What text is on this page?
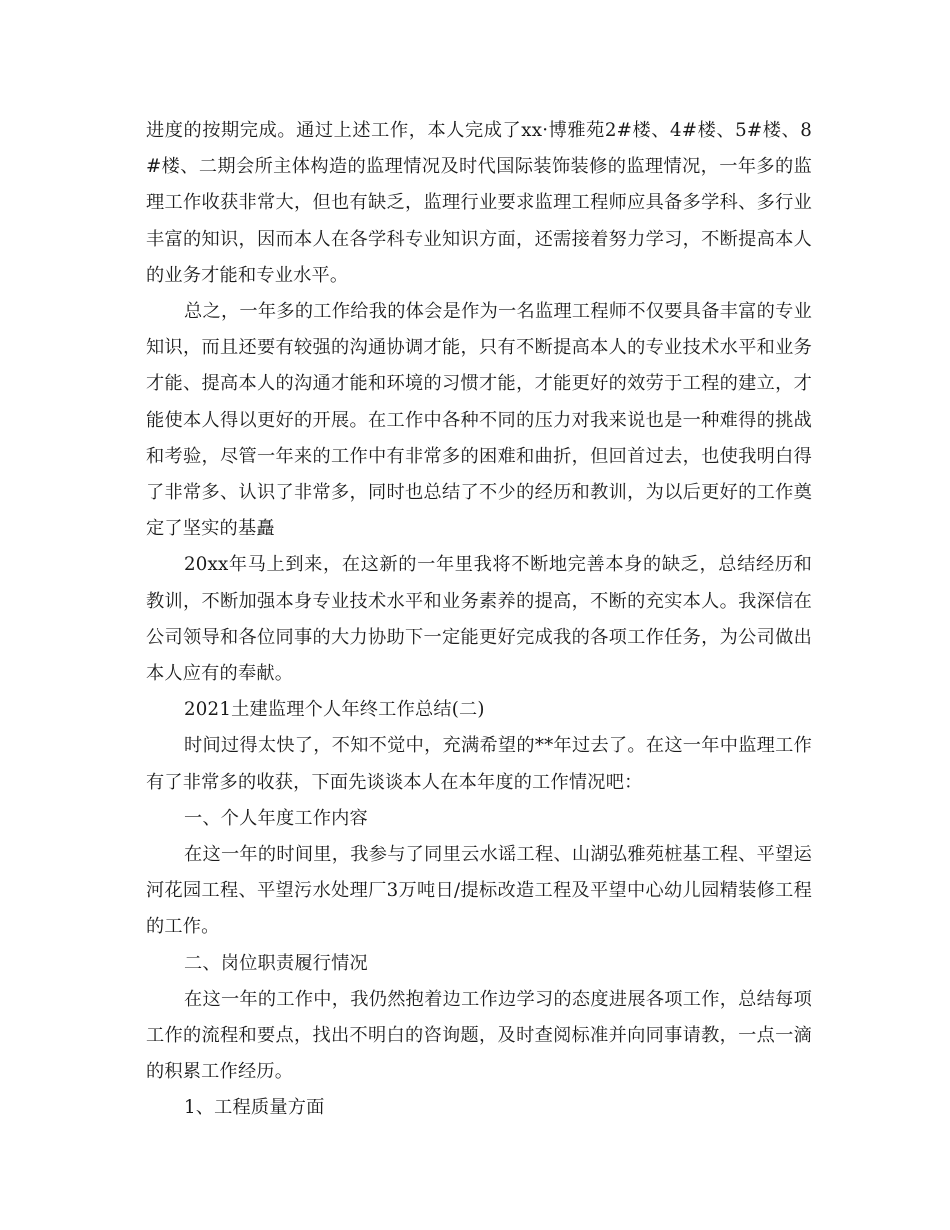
进度的按期完成。通过上述工作，本人完成了xx·博雅苑2#楼、4#楼、5#楼、8#楼、二期会所主体构造的监理情况及时代国际装饰装修的监理情况，一年多的监理工作收获非常大，但也有缺乏，监理行业要求监理工程师应具备多学科、多行业丰富的知识，因而本人在各学科专业知识方面，还需接着努力学习，不断提高本人的业务才能和专业水平。

总之，一年多的工作给我的体会是作为一名监理工程师不仅要具备丰富的专业知识，而且还要有较强的沟通协调才能，只有不断提高本人的专业技术水平和业务才能、提高本人的沟通才能和环境的习惯才能，才能更好的效劳于工程的建立，才能使本人得以更好的开展。在工作中各种不同的压力对我来说也是一种难得的挑战和考验，尽管一年来的工作中有非常多的困难和曲折，但回首过去，也使我明白得了非常多、认识了非常多，同时也总结了不少的经历和教训，为以后更好的工作奠定了坚实的基矗

20xx年马上到来，在这新的一年里我将不断地完善本身的缺乏，总结经历和教训，不断加强本身专业技术水平和业务素养的提高，不断的充实本人。我深信在公司领导和各位同事的大力协助下一定能更好完成我的各项工作任务，为公司做出本人应有的奉献。

2021土建监理个人年终工作总结(二)

时间过得太快了，不知不觉中，充满希望的**年过去了。在这一年中监理工作有了非常多的收获，下面先谈谈本人在本年度的工作情况吧：

一、个人年度工作内容

在这一年的时间里，我参与了同里云水谣工程、山湖弘雅苑桩基工程、平望运河花园工程、平望污水处理厂3万吨日/提标改造工程及平望中心幼儿园精装修工程的工作。

二、岗位职责履行情况

在这一年的工作中，我仍然抱着边工作边学习的态度进展各项工作，总结每项工作的流程和要点，找出不明白的咨询题，及时查阅标准并向同事请教，一点一滴的积累工作经历。

1、工程质量方面
